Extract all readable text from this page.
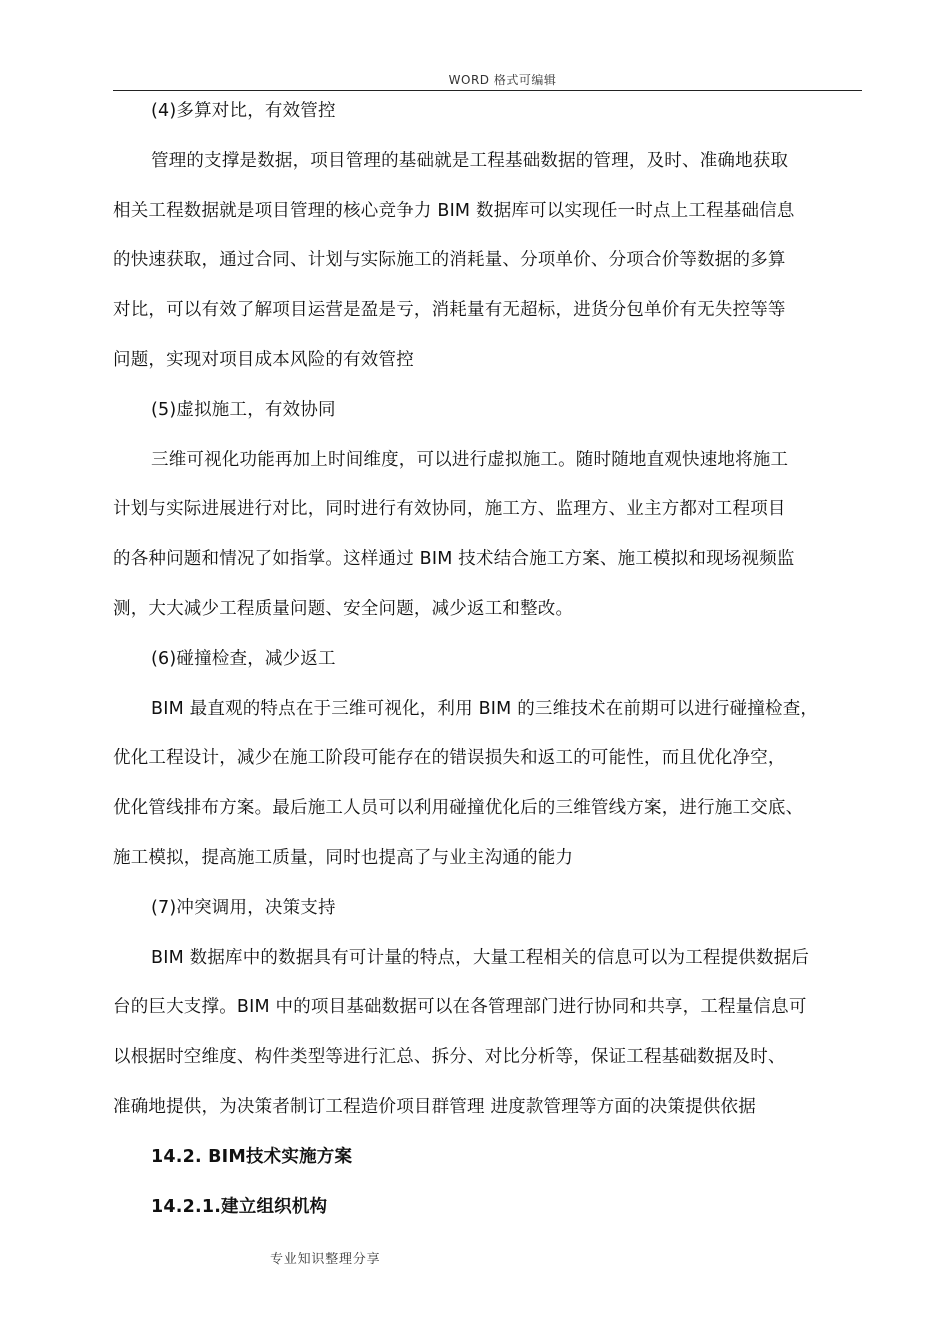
WORD 格式可编辑
(4)多算对比，有效管控
管理的支撑是数据，项目管理的基础就是工程基础数据的管理，及时、准确地获取
相关工程数据就是项目管理的核心竞争力 BIM 数据库可以实现任一时点上工程基础信息
的快速获取，通过合同、计划与实际施工的消耗量、分项单价、分项合价等数据的多算
对比，可以有效了解项目运营是盈是亏，消耗量有无超标，进货分包单价有无失控等等
问题，实现对项目成本风险的有效管控
(5)虚拟施工，有效协同
三维可视化功能再加上时间维度，可以进行虚拟施工。随时随地直观快速地将施工
计划与实际进展进行对比，同时进行有效协同，施工方、监理方、业主方都对工程项目
的各种问题和情况了如指掌。这样通过 BIM 技术结合施工方案、施工模拟和现场视频监
测，大大减少工程质量问题、安全问题，减少返工和整改。
(6)碰撞检查，减少返工
BIM 最直观的特点在于三维可视化，利用 BIM 的三维技术在前期可以进行碰撞检查，
优化工程设计，减少在施工阶段可能存在的错误损失和返工的可能性，而且优化净空，
优化管线排布方案。最后施工人员可以利用碰撞优化后的三维管线方案，进行施工交底、
施工模拟，提高施工质量，同时也提高了与业主沟通的能力
(7)冲突调用，决策支持
BIM 数据库中的数据具有可计量的特点，大量工程相关的信息可以为工程提供数据后
台的巨大支撑。BIM 中的项目基础数据可以在各管理部门进行协同和共享，工程量信息可
以根据时空维度、构件类型等进行汇总、拆分、对比分析等，保证工程基础数据及时、
准确地提供，为决策者制订工程造价项目群管理 进度款管理等方面的决策提供依据
14.2. BIM技术实施方案
14.2.1.建立组织机构
专业知识整理分享
